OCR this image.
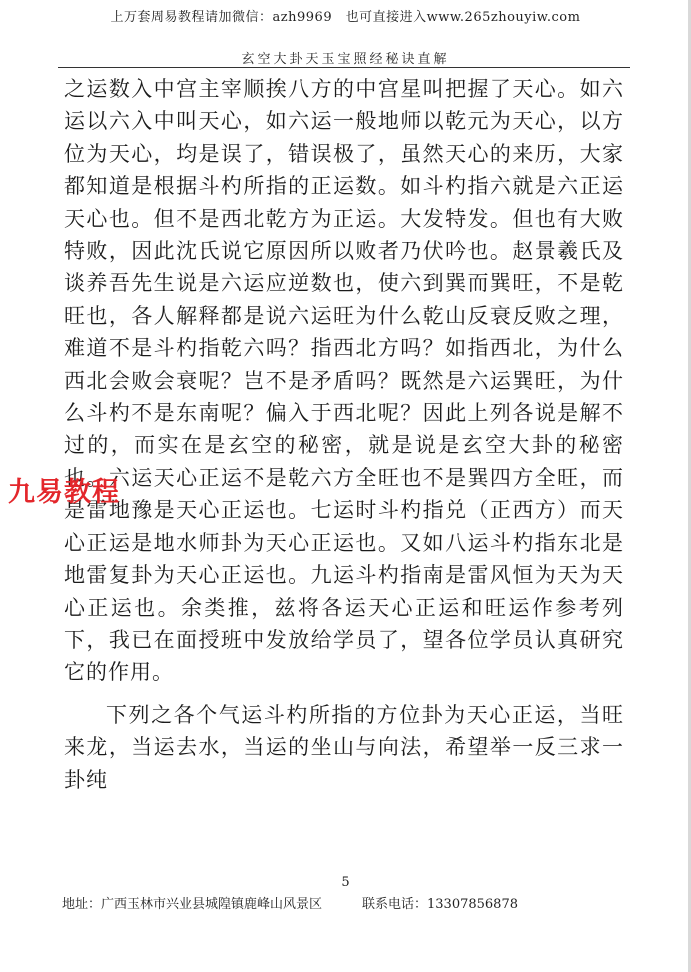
上万套周易教程请加微信：azh9969　也可直接进入www.265zhouyiw.com
玄空大卦天玉宝照经秘诀直解

之运数入中宫主宰顺挨八方的中宫星叫把握了天心。如六运以六入中叫天心，如六运一般地师以乾元为天心，以方位为天心，均是误了，错误极了，虽然天心的来历，大家都知道是根据斗杓所指的正运数。如斗杓指六就是六正运天心也。但不是西北乾方为正运。大发特发。但也有大败特败，因此沈氏说它原因所以败者乃伏吟也。赵景羲氏及谈养吾先生说是六运应逆数也，使六到巽而巽旺，不是乾旺也，各人解释都是说六运旺为什么乾山反衰反败之理，难道不是斗杓指乾六吗？指西北方吗？如指西北，为什么西北会败会衰呢？岂不是矛盾吗？既然是六运巽旺，为什么斗杓不是东南呢？偏入于西北呢？因此上列各说是解不过的，而实在是玄空的秘密，就是说是玄空大卦的秘密也。六运天心正运不是乾六方全旺也不是巽四方全旺，而是雷地豫是天心正运也。七运时斗杓指兑（正西方）而天心正运是地水师卦为天心正运也。又如八运斗杓指东北是地雷复卦为天心正运也。九运斗杓指南是雷风恒为天为天心正运也。余类推，兹将各运天心正运和旺运作参考列下，我已在面授班中发放给学员了，望各位学员认真研究它的作用。

下列之各个气运斗杓所指的方位卦为天心正运，当旺来龙，当运去水，当运的坐山与向法，希望举一反三求一卦纯

九易教程
5
地址：广西玉林市兴业县城隍镇鹿峰山风景区	联系电话：13307856878
